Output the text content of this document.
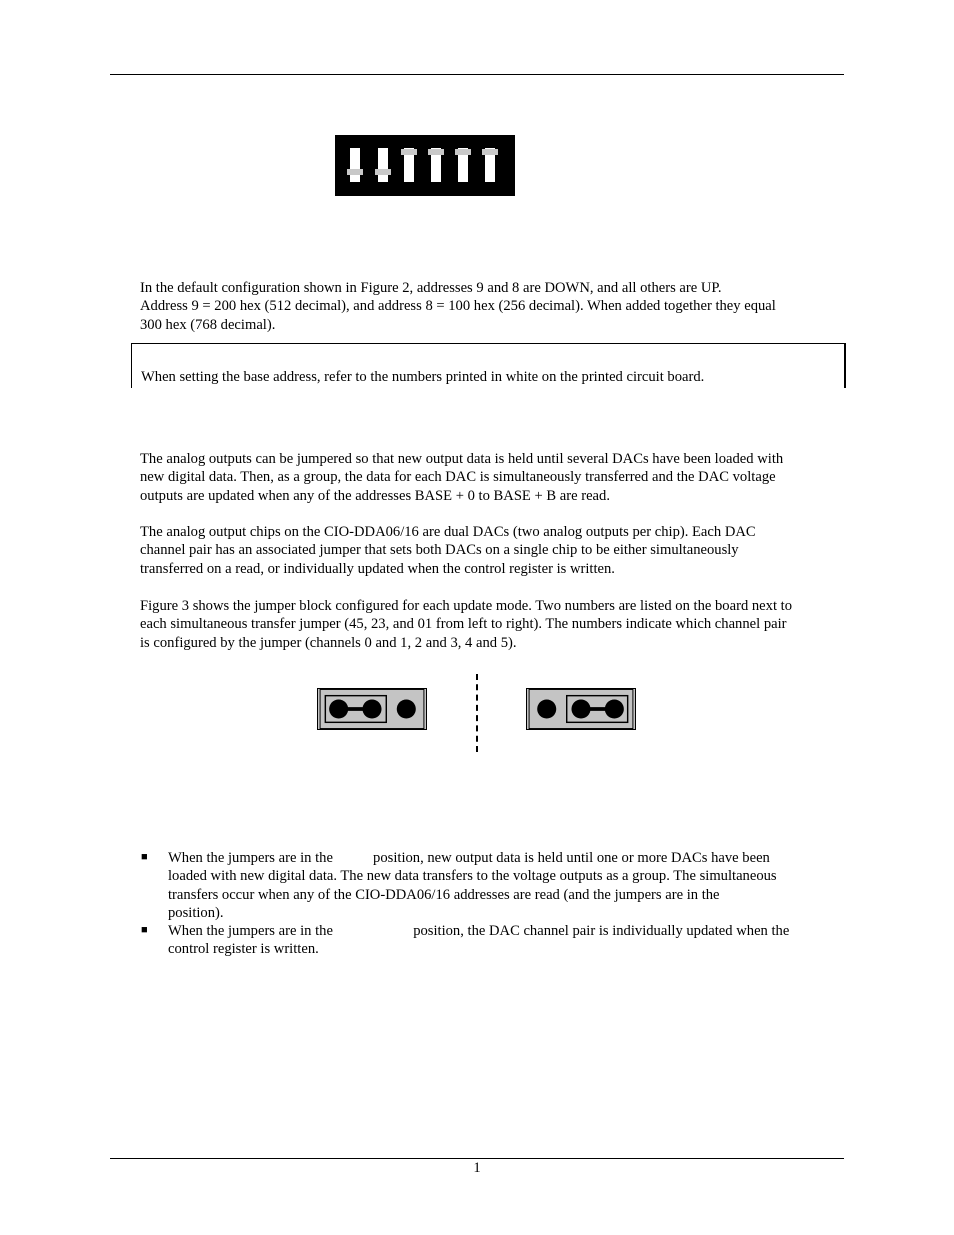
In the default configuration shown in Figure 2, addresses 9 and 8 are DOWN, and all others are UP.
Address 9 = 200 hex (512 decimal), and address 8 = 100 hex (256 decimal). When added together they equal
300 hex (768 decimal).
When setting the base address, refer to the numbers printed in white on the printed circuit board.
The analog outputs can be jumpered so that new output data is held until several DACs have been loaded with
new digital data. Then, as a group, the data for each DAC is simultaneously transferred and the DAC voltage
outputs are updated when any of the addresses BASE + 0 to BASE + B are read.
The analog output chips on the CIO-DDA06/16 are dual DACs (two analog outputs per chip). Each DAC
channel pair has an associated jumper that sets both DACs on a single chip to be either simultaneously
transferred on a read, or individually updated when the control register is written.
Figure 3 shows the jumper block configured for each update mode. Two numbers are listed on the board next to
each simultaneous transfer jumper (45, 23, and 01 from left to right). The numbers indicate which channel pair
is configured by the jumper (channels 0 and 1, 2 and 3, 4 and 5).
■ When the jumpers are in the           position, new output data is held until one or more DACs have been
loaded with new digital data. The new data transfers to the voltage outputs as a group. The simultaneous
transfers occur when any of the CIO-DDA06/16 addresses are read (and the jumpers are in the
position).
■ When the jumpers are in the                      position, the DAC channel pair is individually updated when the
control register is written.
1
